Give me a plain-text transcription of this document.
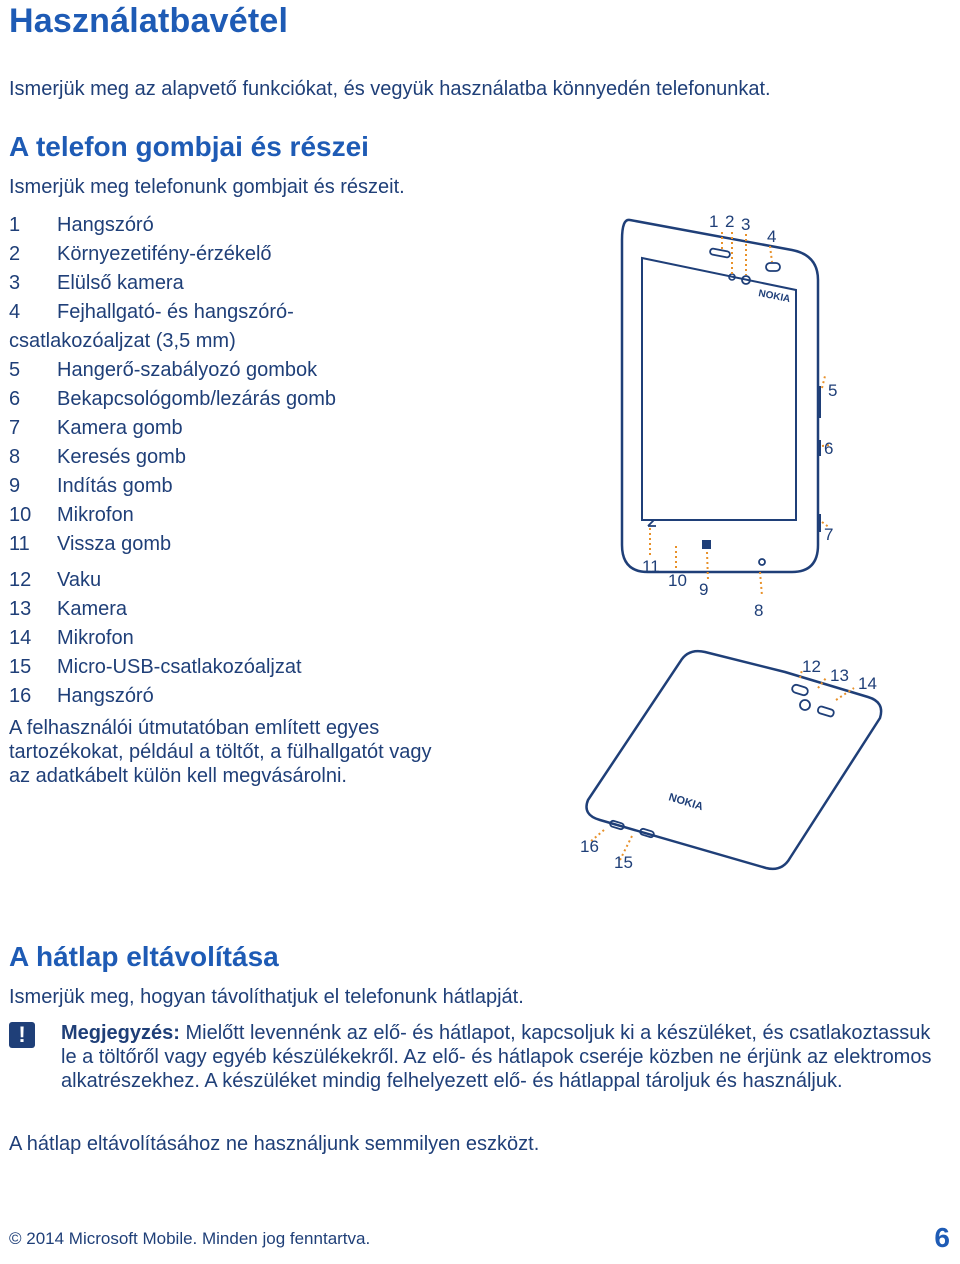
Használatbavétel
Ismerjük meg az alapvető funkciókat, és vegyük használatba könnyedén telefonunkat.
A telefon gombjai és részei
Ismerjük meg telefonunk gombjait és részeit.
1	Hangszóró
2	Környezetifény-érzékelő
3	Elülső kamera
4 Fejhallgató- és hangszóró-
csatlakozóaljzat (3,5 mm)
5	Hangerő-szabályozó gombok
6	Bekapcsológomb/lezárás gomb
7	Kamera gomb
8	Keresés gomb
9	Indítás gomb
10	Mikrofon
11	Vissza gomb
12	Vaku
13	Kamera
14	Mikrofon
15	Micro-USB-csatlakozóaljzat
16	Hangszóró
A felhasználói útmutatóban említett egyes tartozékokat, például a töltőt, a fülhallgatót vagy az adatkábelt külön kell megvásárolni.
NOKIA
NOKIA
1 2 3
4
5
6
7
8
9
10
11
12 13 14
15
16
A hátlap eltávolítása
Ismerjük meg, hogyan távolíthatjuk el telefonunk hátlapját.
!	Megjegyzés: Mielőtt levennénk az elő- és hátlapot, kapcsoljuk ki a készüléket, és csatlakoztassuk le a töltőről vagy egyéb készülékekről. Az elő- és hátlapok cseréje közben ne érjünk az elektromos alkatrészekhez. A készüléket mindig felhelyezett elő- és hátlappal tároljuk és használjuk.
A hátlap eltávolításához ne használjunk semmilyen eszközt.
© 2014 Microsoft Mobile. Minden jog fenntartva.	6
